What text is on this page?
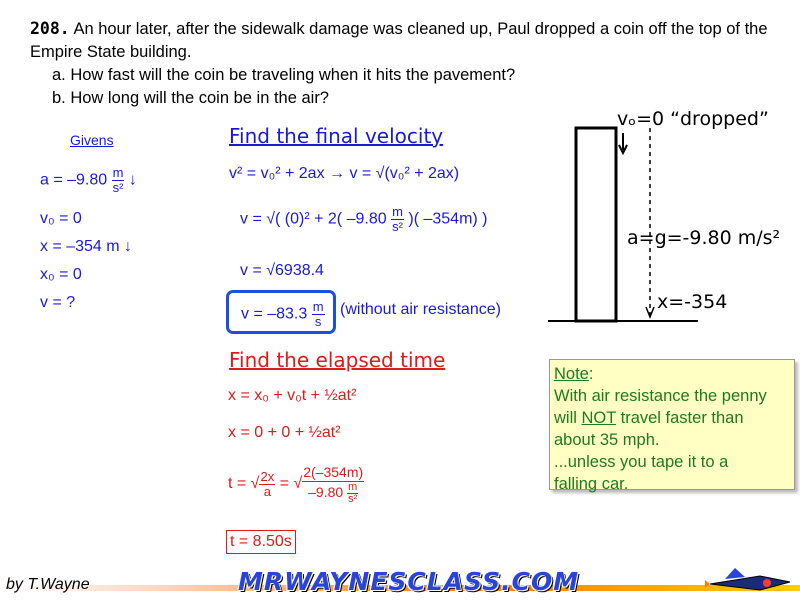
208. An hour later, after the sidewalk damage was cleaned up, Paul dropped a coin off the top of the Empire State building.
a. How fast will the coin be traveling when it hits the pavement?
b. How long will the coin be in the air?
Givens
$a = -9.80 \frac{m}{\text{s²}}$ ↓
v₀ = 0
x = –354 m ↓
x₀ = 0
v = ?
Find the final velocity
v² = v₀² + 2ax → v = √(v₀² + 2ax)
v = √( (0)² + 2( $-9.80 \frac{m}{\text{s²}}$ )( –354m) )
v = √6938.4
$v = -83.3 \frac{m}{s}$ (without air resistance)
Find the elapsed time
x = x₀ + v₀t + ½at²
x = 0 + 0 + ½at²
t = √ $\frac{2x}{a}$ = √ $\frac{2(-354m)}{-9.80 \frac{m}{\text{s²}}}$
t = 8.50s
vₒ=0 “dropped”
a=g=-9.80 m/s²
x=-354
Note:
With air resistance the penny
will NOT travel faster than
about 35 mph.
...unless you tape it to a
falling car.
by T.Wayne	MRWAYNESCLASS.COM
